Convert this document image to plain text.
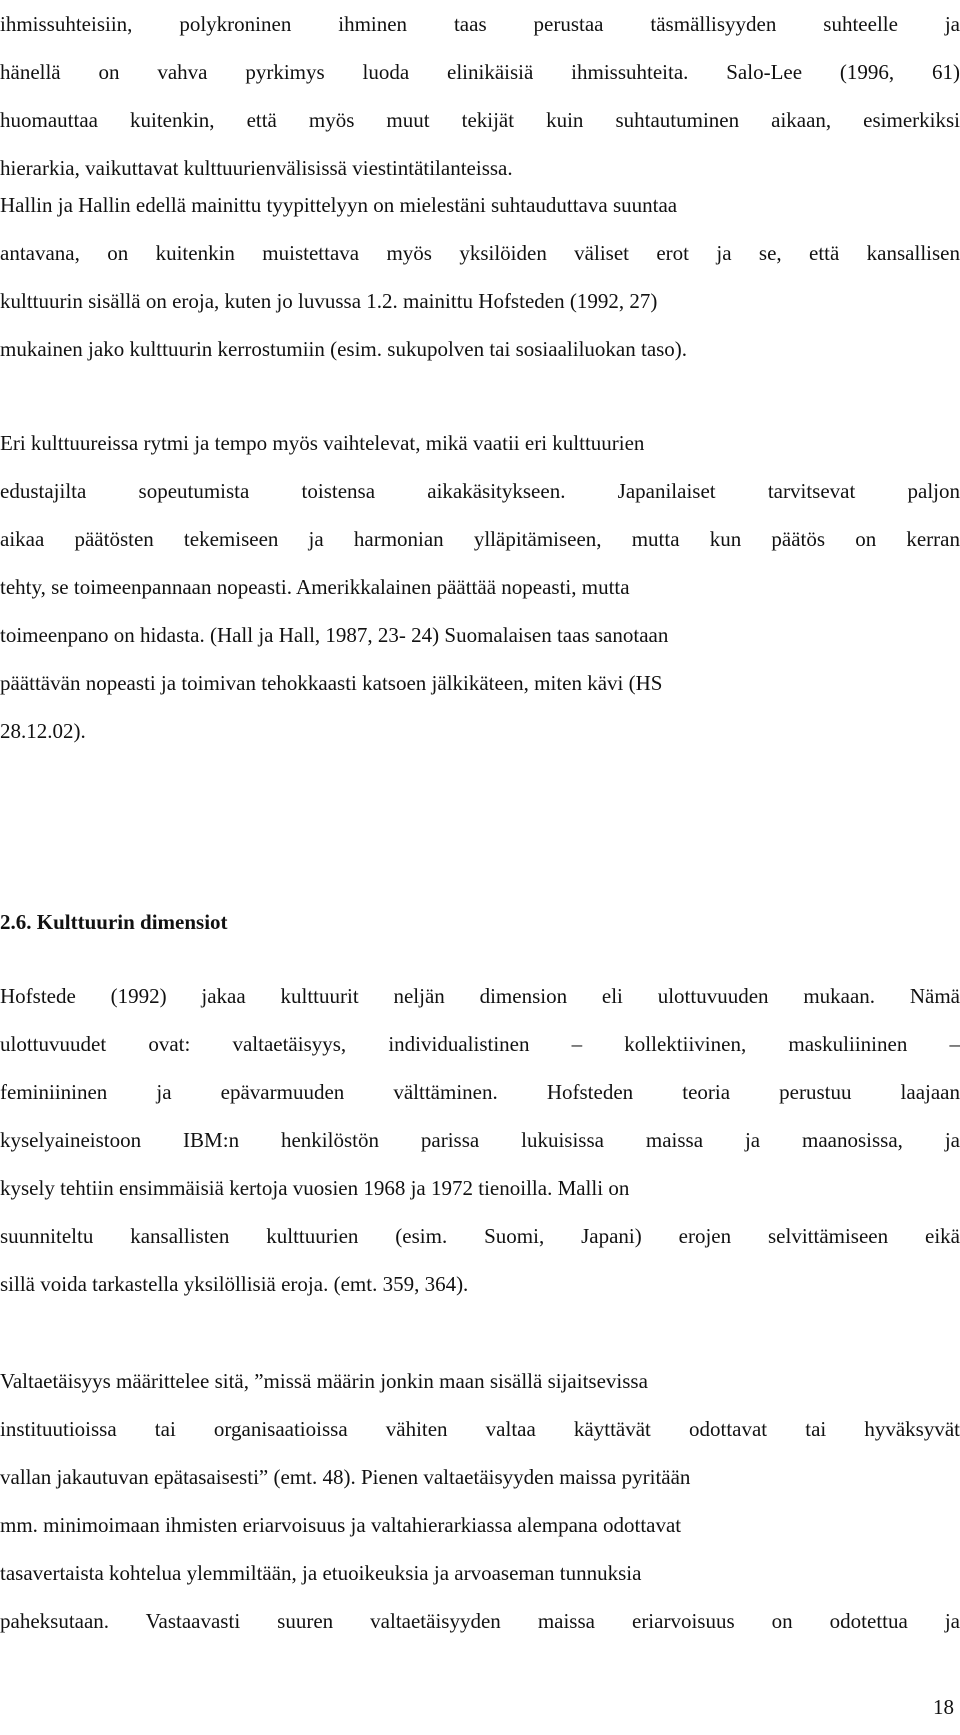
ihmissuhteisiin, polykroninen ihminen taas perustaa täsmällisyyden suhteelle ja
hänellä on vahva pyrkimys luoda elinikäisiä ihmissuhteita. Salo-Lee (1996, 61)
huomauttaa kuitenkin, että myös muut tekijät kuin suhtautuminen aikaan, esimerkiksi
hierarkia, vaikuttavat kulttuurienvälisissä viestintätilanteissa.
Hallin ja Hallin edellä mainittu tyypittelyyn on mielestäni suhtauduttava suuntaa
antavana, on kuitenkin muistettava myös yksilöiden väliset erot ja se, että kansallisen
kulttuurin sisällä on eroja, kuten jo luvussa 1.2. mainittu Hofsteden (1992, 27)
mukainen jako kulttuurin kerrostumiin (esim. sukupolven tai sosiaaliluokan taso).
Eri kulttuureissa rytmi ja tempo myös vaihtelevat, mikä vaatii eri kulttuurien
edustajilta sopeutumista toistensa aikakäsitykseen. Japanilaiset tarvitsevat paljon
aikaa päätösten tekemiseen ja harmonian ylläpitämiseen, mutta kun päätös on kerran
tehty, se toimeenpannaan nopeasti. Amerikkalainen päättää nopeasti, mutta
toimeenpano on hidasta. (Hall ja Hall, 1987, 23- 24) Suomalaisen taas sanotaan
päättävän nopeasti ja toimivan tehokkaasti katsoen jälkikäteen, miten kävi (HS
28.12.02).
2.6. Kulttuurin dimensiot
Hofstede (1992) jakaa kulttuurit neljän dimension eli ulottuvuuden mukaan. Nämä
ulottuvuudet ovat: valtaetäisyys, individualistinen – kollektiivinen, maskuliininen –
feminiininen ja epävarmuuden välttäminen. Hofsteden teoria perustuu laajaan
kyselyaineistoon IBM:n henkilöstön parissa lukuisissa maissa ja maanosissa, ja
kysely tehtiin ensimmäisiä kertoja vuosien 1968 ja 1972 tienoilla. Malli on
suunniteltu kansallisten kulttuurien (esim. Suomi, Japani) erojen selvittämiseen eikä
sillä voida tarkastella yksilöllisiä eroja. (emt. 359, 364).
Valtaetäisyys määrittelee sitä, ”missä määrin jonkin maan sisällä sijaitsevissa
instituutioissa tai organisaatioissa vähiten valtaa käyttävät odottavat tai hyväksyvät
vallan jakautuvan epätasaisesti” (emt. 48). Pienen valtaetäisyyden maissa pyritään
mm. minimoimaan ihmisten eriarvoisuus ja valtahierarkiassa alempana odottavat
tasavertaista kohtelua ylemmiltään, ja etuoikeuksia ja arvoaseman tunnuksia
paheksutaan. Vastaavasti suuren valtaetäisyyden maissa eriarvoisuus on odotettua ja
18
